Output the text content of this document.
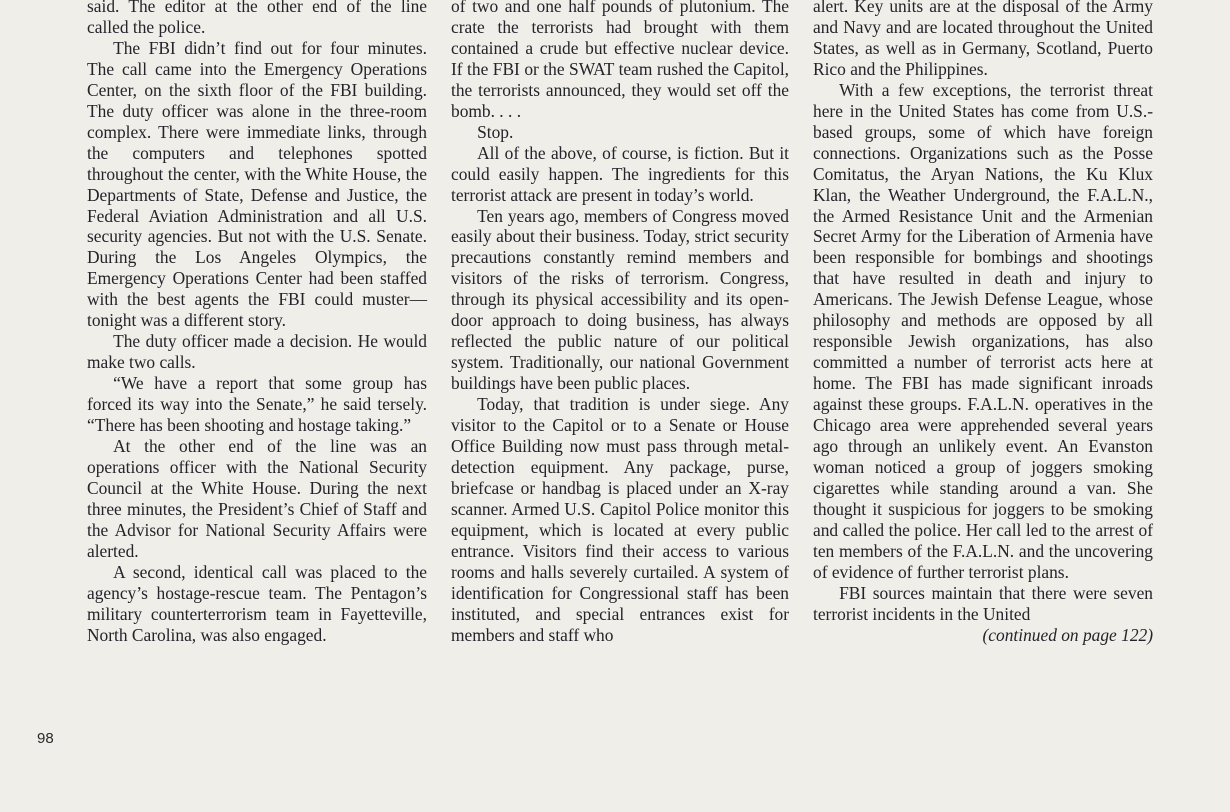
said. The editor at the other end of the line called the police.

The FBI didn’t find out for four minutes. The call came into the Emergency Operations Center, on the sixth floor of the FBI building. The duty officer was alone in the three-room complex. There were immediate links, through the computers and telephones spotted throughout the center, with the White House, the Departments of State, Defense and Justice, the Federal Aviation Administration and all U.S. security agencies. But not with the U.S. Senate. During the Los Angeles Olympics, the Emergency Operations Center had been staffed with the best agents the FBI could muster—tonight was a different story.

The duty officer made a decision. He would make two calls.

“We have a report that some group has forced its way into the Senate,” he said tersely. “There has been shooting and hostage taking.”

At the other end of the line was an operations officer with the National Security Council at the White House. During the next three minutes, the President’s Chief of Staff and the Advisor for National Security Affairs were alerted.

A second, identical call was placed to the agency’s hostage-rescue team. The Pentagon’s military counterterrorism team in Fayetteville, North Carolina, was also engaged.

of two and one half pounds of plutonium. The crate the terrorists had brought with them contained a crude but effective nuclear device. If the FBI or the SWAT team rushed the Capitol, the terrorists announced, they would set off the bomb. . . .

Stop.

All of the above, of course, is fiction. But it could easily happen. The ingredients for this terrorist attack are present in today’s world.

Ten years ago, members of Congress moved easily about their business. Today, strict security precautions constantly remind members and visitors of the risks of terrorism. Congress, through its physical accessibility and its open-door approach to doing business, has always reflected the public nature of our political system. Traditionally, our national Government buildings have been public places.

Today, that tradition is under siege. Any visitor to the Capitol or to a Senate or House Office Building now must pass through metal-detection equipment. Any package, purse, briefcase or handbag is placed under an X-ray scanner. Armed U.S. Capitol Police monitor this equipment, which is located at every public entrance. Visitors find their access to various rooms and halls severely curtailed. A system of identification for Congressional staff has been instituted, and special entrances exist for members and staff who

alert. Key units are at the disposal of the Army and Navy and are located throughout the United States, as well as in Germany, Scotland, Puerto Rico and the Philippines.

With a few exceptions, the terrorist threat here in the United States has come from U.S.-based groups, some of which have foreign connections. Organizations such as the Posse Comitatus, the Aryan Nations, the Ku Klux Klan, the Weather Underground, the F.A.L.N., the Armed Resistance Unit and the Armenian Secret Army for the Liberation of Armenia have been responsible for bombings and shootings that have resulted in death and injury to Americans. The Jewish Defense League, whose philosophy and methods are opposed by all responsible Jewish organizations, has also committed a number of terrorist acts here at home. The FBI has made significant inroads against these groups. F.A.L.N. operatives in the Chicago area were apprehended several years ago through an unlikely event. An Evanston woman noticed a group of joggers smoking cigarettes while standing around a van. She thought it suspicious for joggers to be smoking and called the police. Her call led to the arrest of ten members of the F.A.L.N. and the uncovering of evidence of further terrorist plans.

FBI sources maintain that there were seven terrorist incidents in the United

(continued on page 122)

98
